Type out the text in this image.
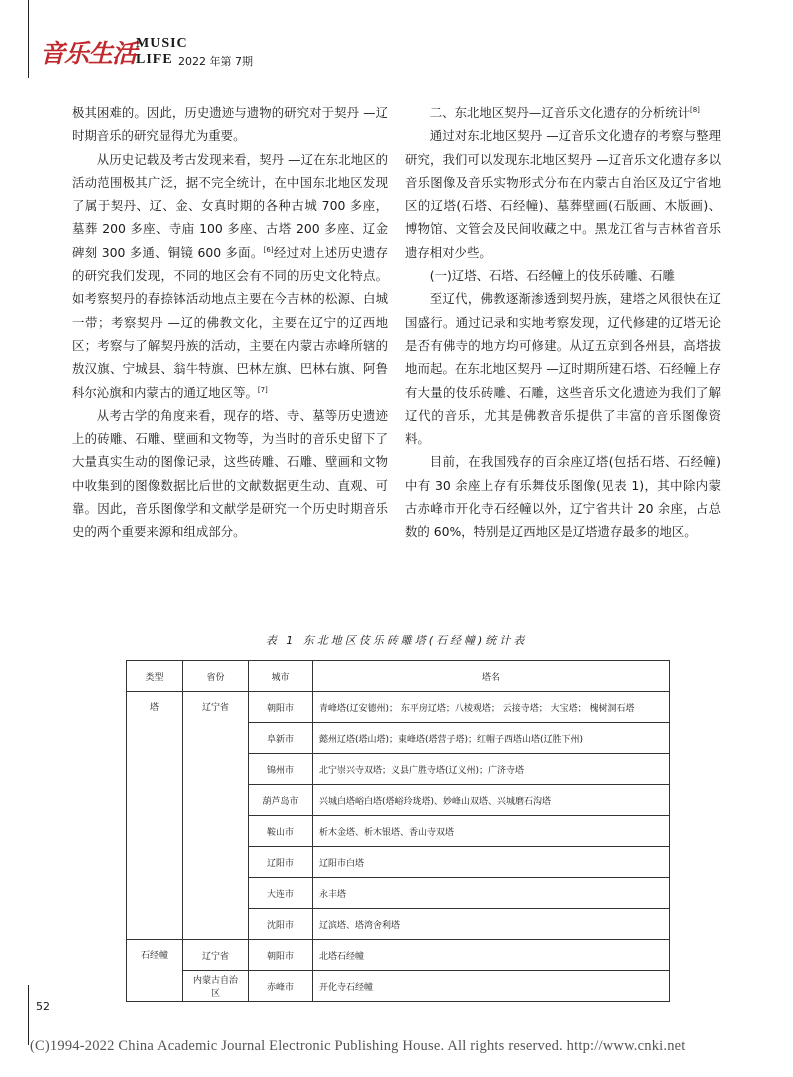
音乐生活 MUSIC
LIFE 2022 年第 7期

极其困难的。因此，历史遗迹与遗物的研究对于契丹 —辽时期音乐的研究显得尤为重要。

从历史记载及考古发现来看，契丹 —辽在东北地区的活动范围极其广泛，据不完全统计，在中国东北地区发现了属于契丹、辽、金、女真时期的各种古城 700 多座，墓葬 200 多座、寺庙 100 多座、古塔 200 多座、辽金碑刻 300 多通、铜镜 600 多面。[6]经过对上述历史遗存的研究我们发现，不同的地区会有不同的历史文化特点。如考察契丹的春捺钵活动地点主要在今吉林的松源、白城一带；考察契丹 —辽的佛教文化，主要在辽宁的辽西地区；考察与了解契丹族的活动，主要在内蒙古赤峰所辖的敖汉旗、宁城县、翁牛特旗、巴林左旗、巴林右旗、阿鲁科尔沁旗和内蒙古的通辽地区等。[7]

从考古学的角度来看，现存的塔、寺、墓等历史遗迹上的砖雕、石雕、壁画和文物等，为当时的音乐史留下了大量真实生动的图像记录，这些砖雕、石雕、壁画和文物中收集到的图像数据比后世的文献数据更生动、直观、可靠。因此，音乐图像学和文献学是研究一个历史时期音乐史的两个重要来源和组成部分。

二、东北地区契丹—辽音乐文化遗存的分析统计[8]

通过对东北地区契丹 —辽音乐文化遗存的考察与整理研究，我们可以发现东北地区契丹 —辽音乐文化遗存多以音乐图像及音乐实物形式分布在内蒙古自治区及辽宁省地区的辽塔(石塔、石经幢)、墓葬壁画(石版画、木版画)、博物馆、文管会及民间收藏之中。黑龙江省与吉林省音乐遗存相对少些。

(一)辽塔、石塔、石经幢上的伎乐砖雕、石雕

至辽代，佛教逐渐渗透到契丹族，建塔之风很快在辽国盛行。通过记录和实地考察发现，辽代修建的辽塔无论是否有佛寺的地方均可修建。从辽五京到各州县，高塔拔地而起。在东北地区契丹 —辽时期所建石塔、石经幢上存有大量的伎乐砖雕、石雕，这些音乐文化遗迹为我们了解辽代的音乐，尤其是佛教音乐提供了丰富的音乐图像资料。

目前，在我国残存的百余座辽塔(包括石塔、石经幢)中有 30 余座上存有乐舞伎乐图像(见表 1)，其中除内蒙古赤峰市开化寺石经幢以外，辽宁省共计 20 余座，占总数的 60%，特别是辽西地区是辽塔遗存最多的地区。

表 1 东北地区伎乐砖雕塔(石经幢)统计表
类型	省份	城市	塔名
塔	辽宁省	朝阳市	青峰塔(辽安德州)； 东平房辽塔；八棱观塔； 云接寺塔； 大宝塔； 槐树洞石塔
		阜新市	懿州辽塔(塔山塔)；東峰塔(塔营子塔)；红帽子西塔山塔(辽胜下州)
		锦州市	北宁崇兴寺双塔；义县广胜寺塔(辽义州)；广济寺塔
		葫芦岛市	兴城白塔峪白塔(塔峪玲珑塔)、妙峰山双塔、兴城磨石沟塔
		鞍山市	析木金塔、析木银塔、香山寺双塔
		辽阳市	辽阳市白塔
		大连市	永丰塔
		沈阳市	辽滨塔、塔湾舍利塔
石经幢	辽宁省	朝阳市	北塔石经幢
	内蒙古自治区	赤峰市	开化寺石经幢
52
(C)1994-2022 China Academic Journal Electronic Publishing House. All rights reserved. http://www.cnki.net
